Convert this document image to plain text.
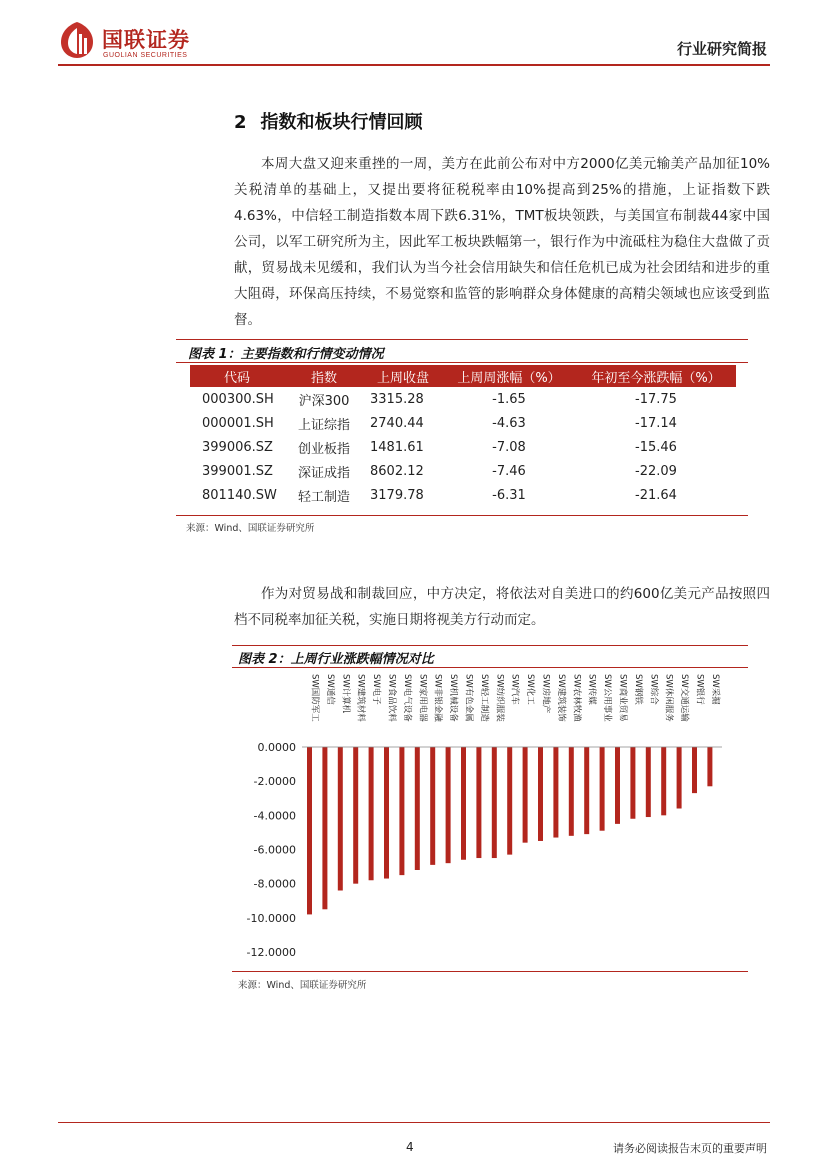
国联证券
GUOLIAN SECURITIES	行业研究简报
2 指数和板块行情回顾

本周大盘又迎来重挫的一周，美方在此前公布对中方2000亿美元输美产品加征10%关税清单的基础上，又提出要将征税税率由10%提高到25%的措施，上证指数下跌4.63%，中信轻工制造指数本周下跌6.31%，TMT板块领跌，与美国宣布制裁44家中国公司，以军工研究所为主，因此军工板块跌幅第一，银行作为中流砥柱为稳住大盘做了贡献，贸易战未见缓和，我们认为当今社会信用缺失和信任危机已成为社会团结和进步的重大阻碍，环保高压持续，不易觉察和监管的影响群众身体健康的高精尖领域也应该受到监督。

图表 1：主要指数和行情变动情况
代码	指数	上周收盘	上周周涨幅（%）	年初至今涨跌幅（%）
000300.SH	沪深300	3315.28	-1.65	-17.75
000001.SH	上证综指	2740.44	-4.63	-17.14
399006.SZ	创业板指	1481.61	-7.08	-15.46
399001.SZ	深证成指	8602.12	-7.46	-22.09
801140.SW	轻工制造	3179.78	-6.31	-21.64
来源：Wind、国联证券研究所

作为对贸易战和制裁回应，中方决定，将依法对自美进口的约600亿美元产品按照四档不同税率加征关税，实施日期将视美方行动而定。

图表 2：上周行业涨跌幅情况对比
0.0000
-2.0000
-4.0000
-6.0000
-8.0000
-10.0000
-12.0000
SW国防军工 SW通信 SW计算机 SW建筑材料 SW电子 SW食品饮料 SW电气设备 SW家用电器 SW非银金融 SW机械设备 SW有色金属 SW轻工制造 SW纺织服装 SW汽车 SW化工 SW房地产 SW建筑装饰 SW农林牧渔 SW传媒 SW公用事业 SW商业贸易 SW钢铁 SW综合 SW休闲服务 SW交通运输 SW银行 SW采掘
来源：Wind、国联证券研究所
4	请务必阅读报告末页的重要声明
